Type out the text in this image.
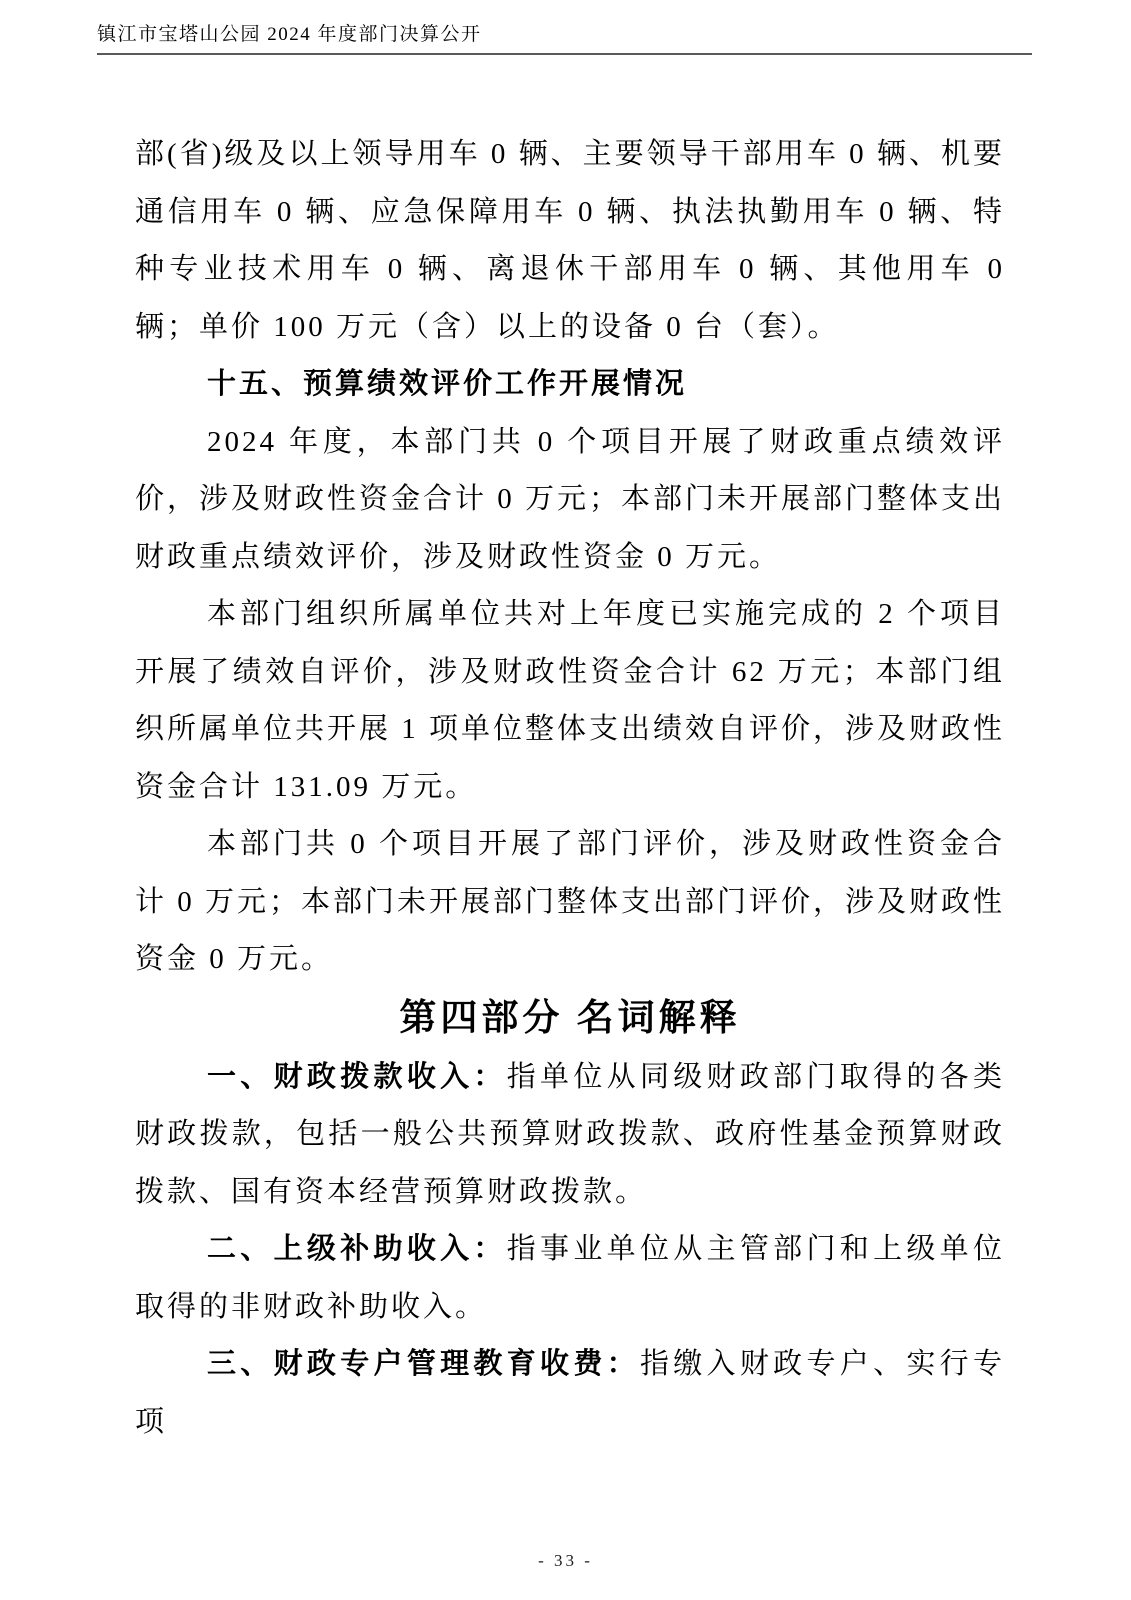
镇江市宝塔山公园 2024 年度部门决算公开

部(省)级及以上领导用车 0 辆、主要领导干部用车 0 辆、机要通信用车 0 辆、应急保障用车 0 辆、执法执勤用车 0 辆、特种专业技术用车 0 辆、离退休干部用车 0 辆、其他用车 0 辆；单价 100 万元（含）以上的设备 0 台（套）。

十五、预算绩效评价工作开展情况

2024 年度，本部门共 0 个项目开展了财政重点绩效评价，涉及财政性资金合计 0 万元；本部门未开展部门整体支出财政重点绩效评价，涉及财政性资金 0 万元。

本部门组织所属单位共对上年度已实施完成的 2 个项目开展了绩效自评价，涉及财政性资金合计 62 万元；本部门组织所属单位共开展 1 项单位整体支出绩效自评价，涉及财政性资金合计 131.09 万元。

本部门共 0 个项目开展了部门评价，涉及财政性资金合计 0 万元；本部门未开展部门整体支出部门评价，涉及财政性资金 0 万元。

第四部分 名词解释

一、财政拨款收入：指单位从同级财政部门取得的各类财政拨款，包括一般公共预算财政拨款、政府性基金预算财政拨款、国有资本经营预算财政拨款。

二、上级补助收入：指事业单位从主管部门和上级单位取得的非财政补助收入。

三、财政专户管理教育收费：指缴入财政专户、实行专项

- 33 -
